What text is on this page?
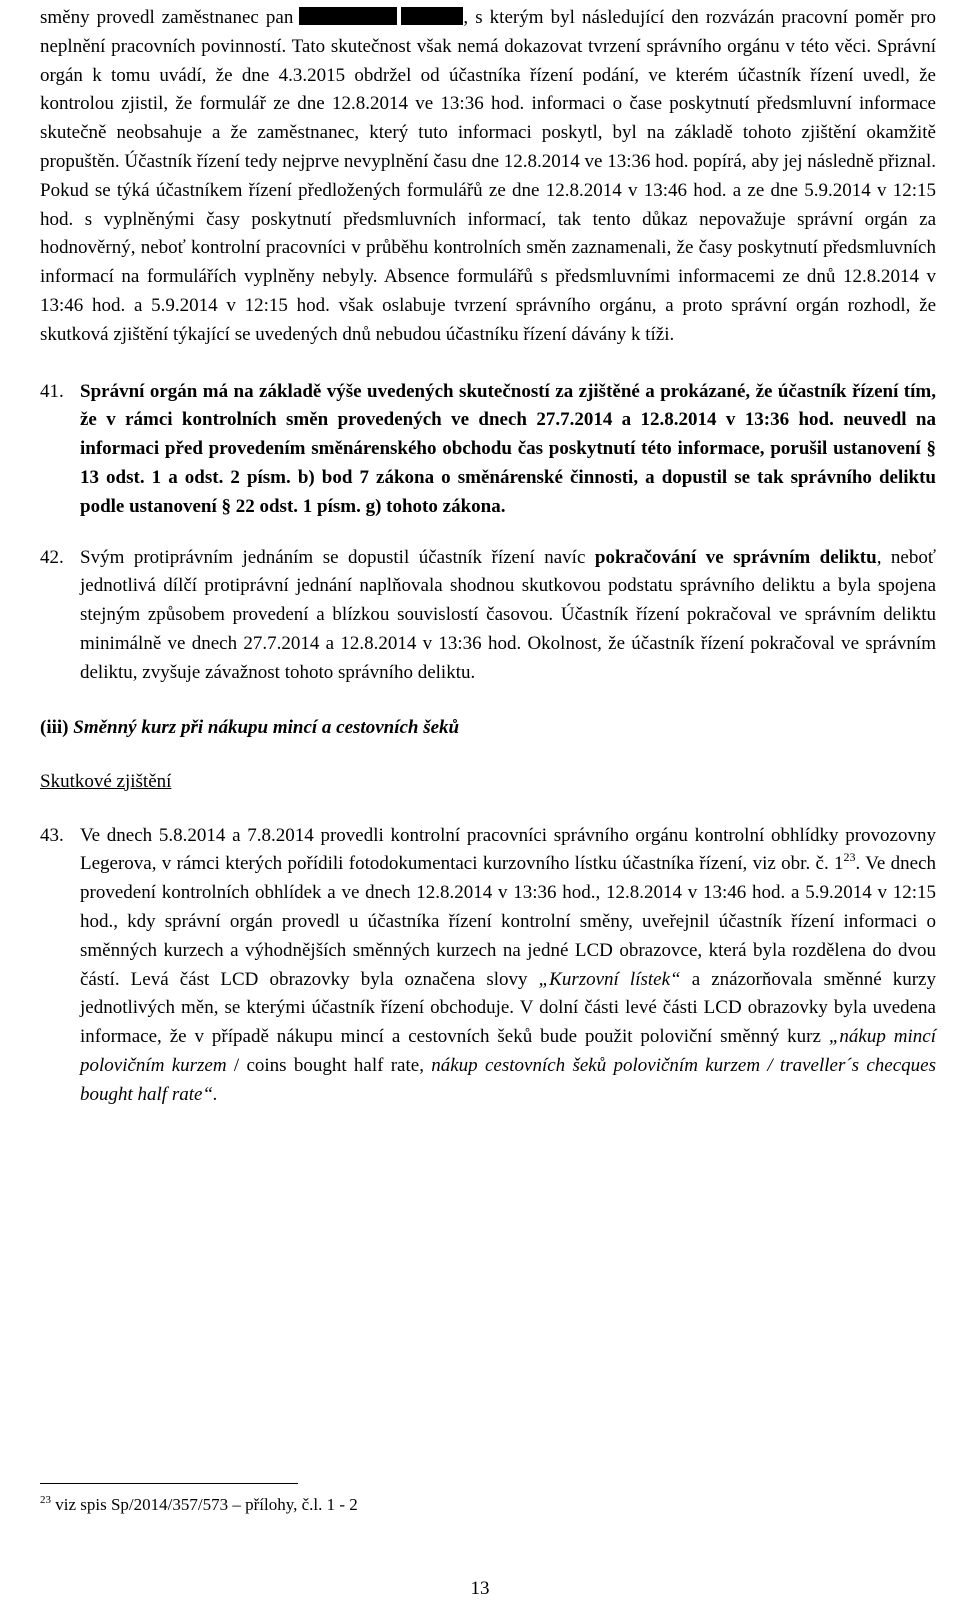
směny provedl zaměstnanec pan	, s kterým byl následující den rozvázán pracovní poměr pro neplnění pracovních povinností. Tato skutečnost však nemá dokazovat tvrzení správního orgánu v této věci. Správní orgán k tomu uvádí, že dne 4.3.2015 obdržel od účastníka řízení podání, ve kterém účastník řízení uvedl, že kontrolou zjistil, že formulář ze dne 12.8.2014 ve 13:36 hod. informaci o čase poskytnutí předsmluvní informace skutečně neobsahuje a že zaměstnanec, který tuto informaci poskytl, byl na základě tohoto zjištění okamžitě propuštěn. Účastník řízení tedy nejprve nevyplnění času dne 12.8.2014 ve 13:36 hod. popírá, aby jej následně přiznal. Pokud se týká účastníkem řízení předložených formulářů ze dne 12.8.2014 v 13:46 hod. a ze dne 5.9.2014 v 12:15 hod. s vyplněnými časy poskytnutí předsmluvních informací, tak tento důkaz nepovažuje správní orgán za hodnověrný, neboť kontrolní pracovníci v průběhu kontrolních směn zaznamenali, že časy poskytnutí předsmluvních informací na formulářích vyplněny nebyly. Absence formulářů s předsmluvními informacemi ze dnů 12.8.2014 v 13:46 hod. a 5.9.2014 v 12:15 hod. však oslabuje tvrzení správního orgánu, a proto správní orgán rozhodl, že skutková zjištění týkající se uvedených dnů nebudou účastníku řízení dávány k tíži.

41. Správní orgán má na základě výše uvedených skutečností za zjištěné a prokázané, že účastník řízení tím, že v rámci kontrolních směn provedených ve dnech 27.7.2014 a 12.8.2014 v 13:36 hod. neuvedl na informaci před provedením směnárenského obchodu čas poskytnutí této informace, porušil ustanovení § 13 odst. 1 a odst. 2 písm. b) bod 7 zákona o směnárenské činnosti, a dopustil se tak správního deliktu podle ustanovení § 22 odst. 1 písm. g) tohoto zákona.

42. Svým protiprávním jednáním se dopustil účastník řízení navíc pokračování ve správním deliktu, neboť jednotlivá dílčí protiprávní jednání naplňovala shodnou skutkovou podstatu správního deliktu a byla spojena stejným způsobem provedení a blízkou souvislostí časovou. Účastník řízení pokračoval ve správním deliktu minimálně ve dnech 27.7.2014 a 12.8.2014 v 13:36 hod. Okolnost, že účastník řízení pokračoval ve správním deliktu, zvyšuje závažnost tohoto správního deliktu.

(iii) Směnný kurz při nákupu mincí a cestovních šeků

Skutkové zjištění

43. Ve dnech 5.8.2014 a 7.8.2014 provedli kontrolní pracovníci správního orgánu kontrolní obhlídky provozovny Legerova, v rámci kterých pořídili fotodokumentaci kurzovního lístku účastníka řízení, viz obr. č. $1^{23}$. Ve dnech provedení kontrolních obhlídek a ve dnech 12.8.2014 v 13:36 hod., 12.8.2014 v 13:46 hod. a 5.9.2014 v 12:15 hod., kdy správní orgán provedl u účastníka řízení kontrolní směny, uveřejnil účastník řízení informaci o směnných kurzech a výhodnějších směnných kurzech na jedné LCD obrazovce, která byla rozdělena do dvou částí. Levá část LCD obrazovky byla označena slovy „Kurzovní lístek“ a znázorňovala směnné kurzy jednotlivých měn, se kterými účastník řízení obchoduje. V dolní části levé části LCD obrazovky byla uvedena informace, že v případě nákupu mincí a cestovních šeků bude použit poloviční směnný kurz „nákup mincí polovičním kurzem / coins bought half rate, nákup cestovních šeků polovičním kurzem / traveller´s checques bought half rate“.

$^{23}$ viz spis Sp/2014/357/573 – přílohy, č.l. 1 - 2
13
